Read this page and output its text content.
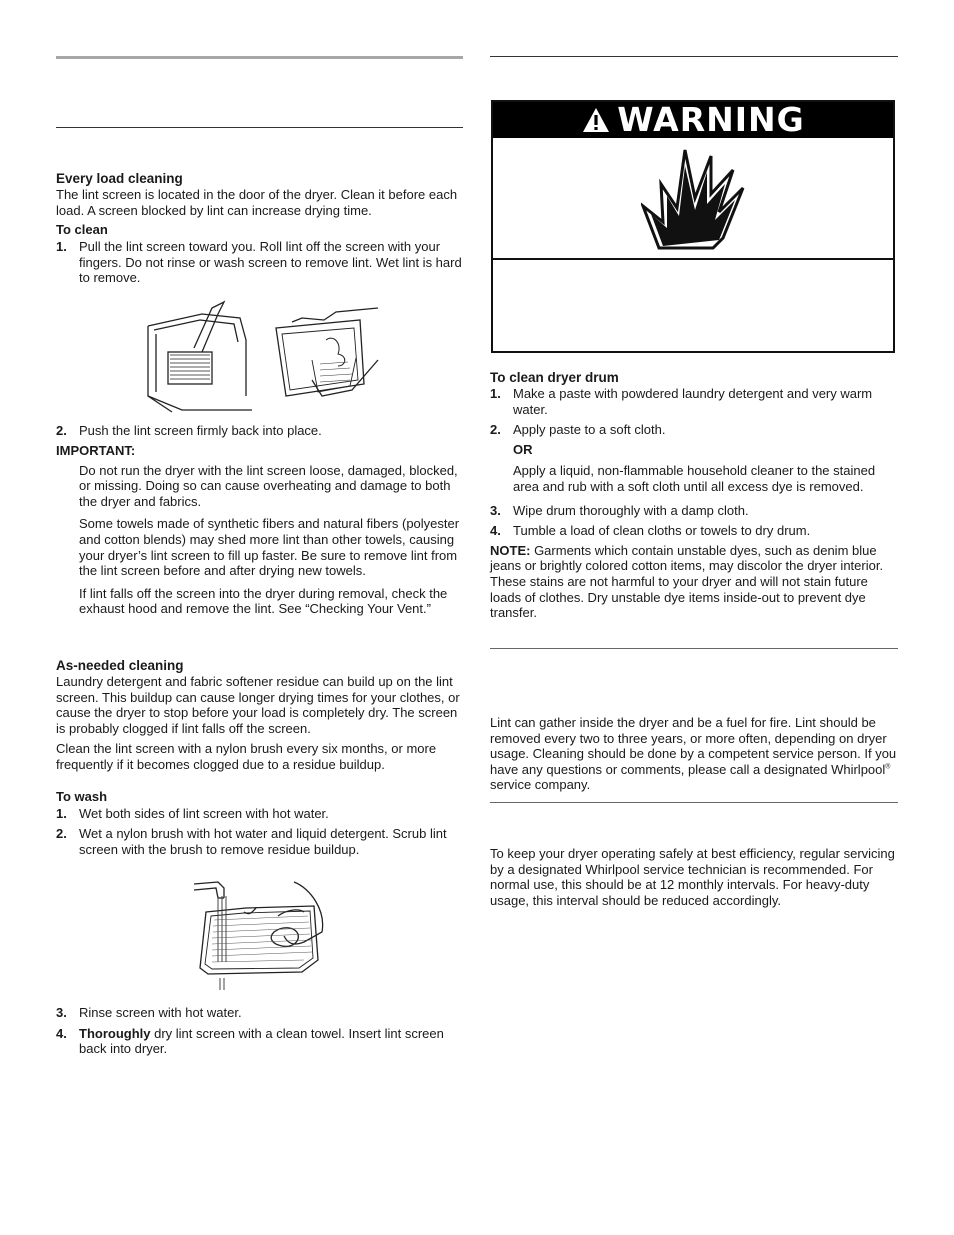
Every load cleaning

The lint screen is located in the door of the dryer. Clean it before each load. A screen blocked by lint can increase drying time.

To clean
1. Pull the lint screen toward you. Roll lint off the screen with your fingers. Do not rinse or wash screen to remove lint. Wet lint is hard to remove.
2. Push the lint screen firmly back into place.
IMPORTANT:

Do not run the dryer with the lint screen loose, damaged, blocked, or missing. Doing so can cause overheating and damage to both the dryer and fabrics.

Some towels made of synthetic fibers and natural fibers (polyester and cotton blends) may shed more lint than other towels, causing your dryer’s lint screen to fill up faster. Be sure to remove lint from the lint screen before and after drying new towels.

If lint falls off the screen into the dryer during removal, check the exhaust hood and remove the lint. See “Checking Your Vent.”

As-needed cleaning

Laundry detergent and fabric softener residue can build up on the lint screen. This buildup can cause longer drying times for your clothes, or cause the dryer to stop before your load is completely dry. The screen is probably clogged if lint falls off the screen.

Clean the lint screen with a nylon brush every six months, or more frequently if it becomes clogged due to a residue buildup.

To wash
1. Wet both sides of lint screen with hot water.
2. Wet a nylon brush with hot water and liquid detergent. Scrub lint screen with the brush to remove residue buildup.
3. Rinse screen with hot water.
4. Thoroughly dry lint screen with a clean towel. Insert lint screen back into dryer.
WARNING
To clean dryer drum
1. Make a paste with powdered laundry detergent and very warm water.
2. Apply paste to a soft cloth.
OR
Apply a liquid, non-flammable household cleaner to the stained area and rub with a soft cloth until all excess dye is removed.
3. Wipe drum thoroughly with a damp cloth.
4. Tumble a load of clean cloths or towels to dry drum.

NOTE: Garments which contain unstable dyes, such as denim blue jeans or brightly colored cotton items, may discolor the dryer interior. These stains are not harmful to your dryer and will not stain future loads of clothes. Dry unstable dye items inside-out to prevent dye transfer.

Lint can gather inside the dryer and be a fuel for fire. Lint should be removed every two to three years, or more often, depending on dryer usage. Cleaning should be done by a competent service person. If you have any questions or comments, please call a designated Whirlpool® service company.

To keep your dryer operating safely at best efficiency, regular servicing by a designated Whirlpool service technician is recommended. For normal use, this should be at 12 monthly intervals. For heavy-duty usage, this interval should be reduced accordingly.
